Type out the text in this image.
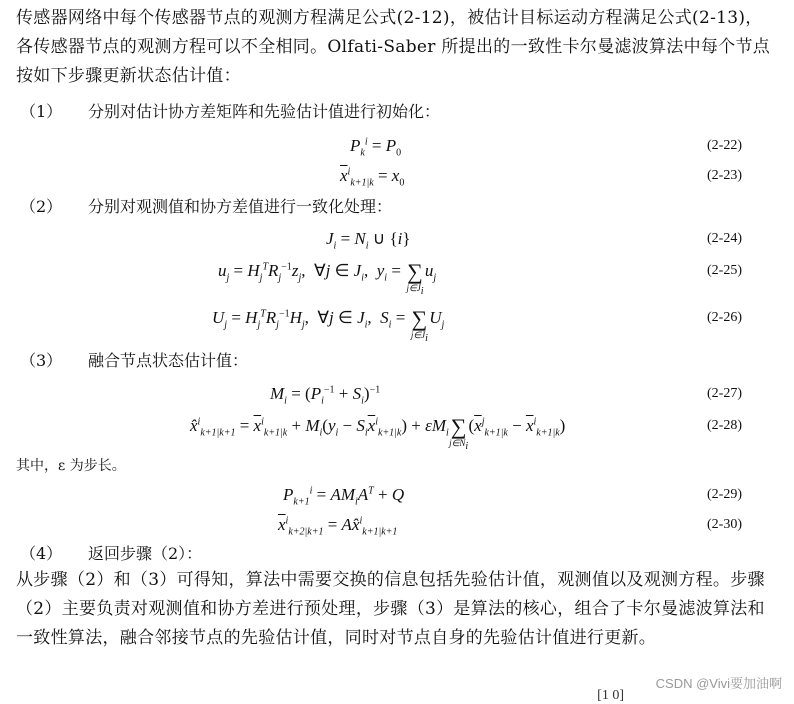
传感器网络中每个传感器节点的观测方程满足公式(2-12)，被估计目标运动方程满足公式(2-13)，各传感器节点的观测方程可以不全相同。Olfati-Saber 所提出的一致性卡尔曼滤波算法中每个节点按如下步骤更新状态估计值：
（1） 分别对估计协方差矩阵和先验估计值进行初始化：
$P_k^i = P_0$	(2-22)
$\overline{x}^i_{k+1|k} = x_0$	(2-23)
（2） 分别对观测值和协方差值进行一致化处理：
$J_i = N_i$ ∪ {i}	(2-24)
$u_j = H_j^TR_j^{-1}z_j$,  ∀j ∈ $J_i$,  $y_i$ = ∑
$j\in J_i$
$u_j$	(2-25)
$U_j = H_j^TR_j^{-1}H_j$,  ∀j ∈ $J_i$,  $S_i$ = ∑
$j\in J_i$
$U_j$	(2-26)
（3） 融合节点状态估计值：
$M_i = (P_i^{-1} + S_i)^{-1}$	(2-27)
x̂$^i_{k+1|k+1}$ = $\overline{x}^i_{k+1|k} + M_i(y_i - S_i\overline{x}^i_{k+1|k}) + \varepsilon M_i\sum$
$j\in N_i$
$(\overline{x}^j_{k+1|k} - \overline{x}^i_{k+1|k})$	(2-28)
其中，ε 为步长。
$P_{k+1}^i = AM_iA^T + Q$	(2-29)
$\overline{x}^i_{k+2|k+1}$ = Ax̂$^i_{k+1|k+1}$	(2-30)
（4） 返回步骤（2）：
从步骤（2）和（3）可得知，算法中需要交换的信息包括先验估计值，观测值以及观测方程。步骤（2）主要负责对观测值和协方差进行预处理，步骤（3）是算法的核心，组合了卡尔曼滤波算法和一致性算法，融合邻接节点的先验估计值，同时对节点自身的先验估计值进行更新。
[1 0]
CSDN @Vivi要加油啊
